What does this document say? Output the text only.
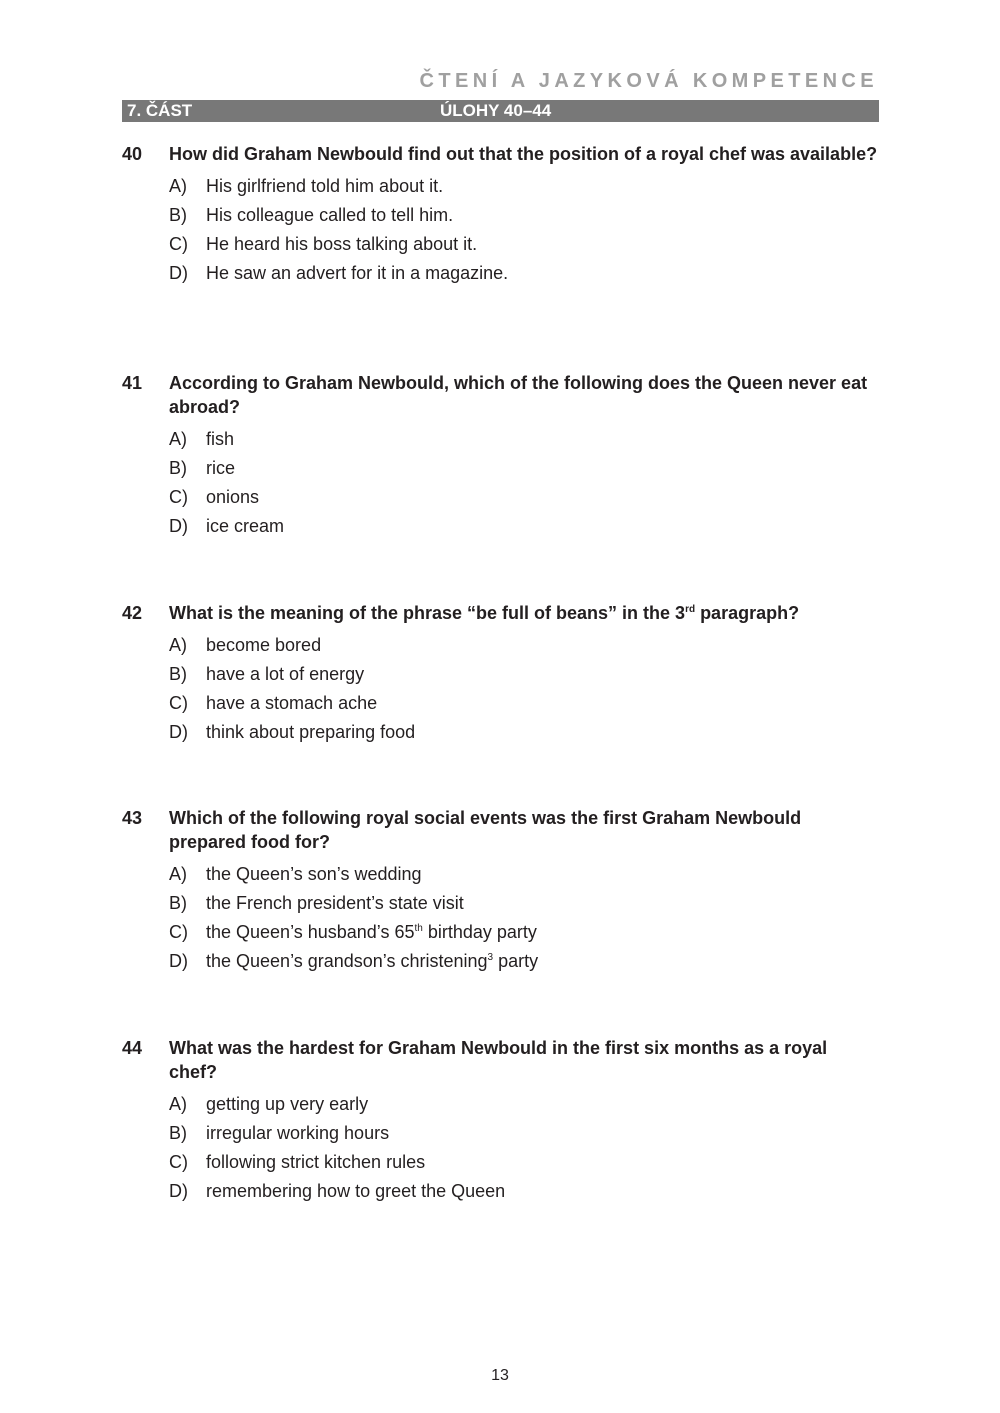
ČTENÍ A JAZYKOVÁ KOMPETENCE
7. ČÁST	ÚLOHY 40–44
40 How did Graham Newbould find out that the position of a royal chef was available?
A) His girlfriend told him about it.
B) His colleague called to tell him.
C) He heard his boss talking about it.
D) He saw an advert for it in a magazine.
41 According to Graham Newbould, which of the following does the Queen never eat abroad?
A) fish
B) rice
C) onions
D) ice cream
42 What is the meaning of the phrase “be full of beans” in the 3rd paragraph?
A) become bored
B) have a lot of energy
C) have a stomach ache
D) think about preparing food
43 Which of the following royal social events was the first Graham Newbould prepared food for?
A) the Queen’s son’s wedding
B) the French president’s state visit
C) the Queen’s husband’s 65th birthday party
D) the Queen’s grandson’s christening$^3$ party
44 What was the hardest for Graham Newbould in the first six months as a royal chef?
A) getting up very early
B) irregular working hours
C) following strict kitchen rules
D) remembering how to greet the Queen
13
